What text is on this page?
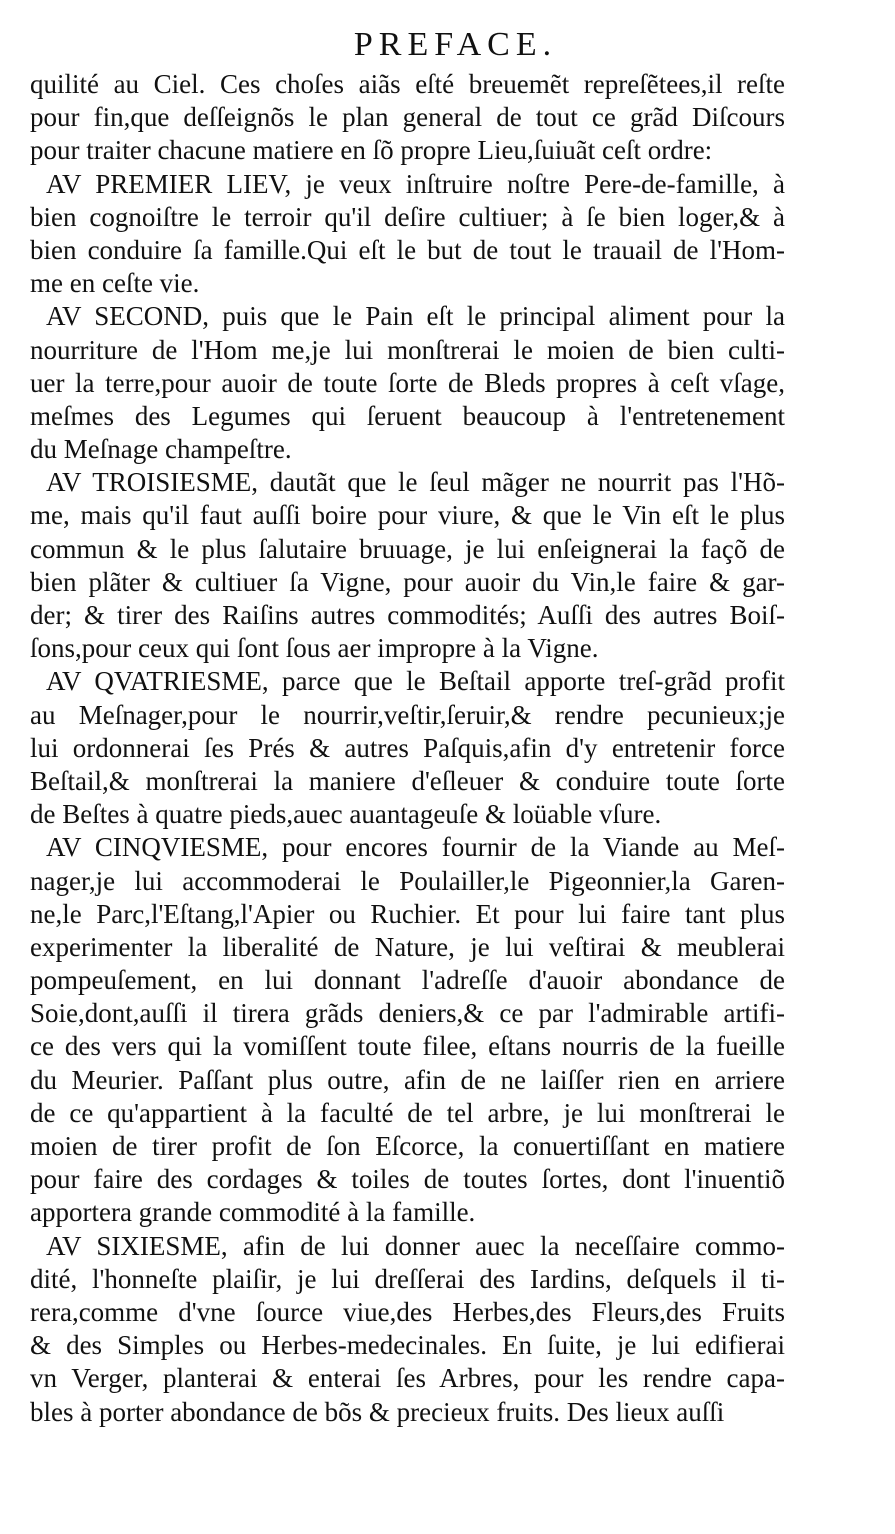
PREFACE.
quilité au Ciel. Ces choſes aiãs eſté breuemẽt repreſẽtees,il reſte
pour fin,que deſſeignõs le plan general de tout ce grãd Diſcours
pour traiter chacune matiere en ſõ propre Lieu,ſuiuãt ceſt ordre:
AV PREMIER LIEV, je veux inſtruire noſtre Pere-de-famille, à
bien cognoiſtre le terroir qu'il deſire cultiuer; à ſe bien loger,& à
bien conduire ſa famille.Qui eſt le but de tout le trauail de l'Hom-
me en ceſte vie.
AV SECOND, puis que le Pain eſt le principal aliment pour la
nourriture de l'Hom me,je lui monſtrerai le moien de bien culti-
uer la terre,pour auoir de toute ſorte de Bleds propres à ceſt vſage,
meſmes des Legumes qui ſeruent beaucoup à l'entretenement
du Meſnage champeſtre.
AV TROISIESME, dautãt que le ſeul mãger ne nourrit pas l'Hõ-
me, mais qu'il faut auſſi boire pour viure, & que le Vin eſt le plus
commun & le plus ſalutaire bruuage, je lui enſeignerai la façõ de
bien plãter & cultiuer ſa Vigne, pour auoir du Vin,le faire & gar-
der; & tirer des Raiſins autres commodités; Auſſi des autres Boiſ-
ſons,pour ceux qui ſont ſous aer impropre à la Vigne.
AV QVATRIESME, parce que le Beſtail apporte treſ-grãd profit
au Meſnager,pour le nourrir,veſtir,ſeruir,& rendre pecunieux;je
lui ordonnerai ſes Prés & autres Paſquis,afin d'y entretenir force
Beſtail,& monſtrerai la maniere d'eſleuer & conduire toute ſorte
de Beſtes à quatre pieds,auec auantageuſe & loüable vſure.
AV CINQVIESME, pour encores fournir de la Viande au Meſ-
nager,je lui accommoderai le Poulailler,le Pigeonnier,la Garen-
ne,le Parc,l'Eſtang,l'Apier ou Ruchier. Et pour lui faire tant plus
experimenter la liberalité de Nature, je lui veſtirai & meublerai
pompeuſement, en lui donnant l'adreſſe d'auoir abondance de
Soie,dont,auſſi il tirera grãds deniers,& ce par l'admirable artifi-
ce des vers qui la vomiſſent toute filee, eſtans nourris de la fueille
du Meurier. Paſſant plus outre, afin de ne laiſſer rien en arriere
de ce qu'appartient à la faculté de tel arbre, je lui monſtrerai le
moien de tirer profit de ſon Eſcorce, la conuertiſſant en matiere
pour faire des cordages & toiles de toutes ſortes, dont l'inuentiõ
apportera grande commodité à la famille.
AV SIXIESME, afin de lui donner auec la neceſſaire commo-
dité, l'honneſte plaiſir, je lui dreſſerai des Iardins, deſquels il ti-
rera,comme d'vne ſource viue,des Herbes,des Fleurs,des Fruits
& des Simples ou Herbes-medecinales. En ſuite, je lui edifierai
vn Verger, planterai & enterai ſes Arbres, pour les rendre capa-
bles à porter abondance de bõs & precieux fruits. Des lieux auſſi
